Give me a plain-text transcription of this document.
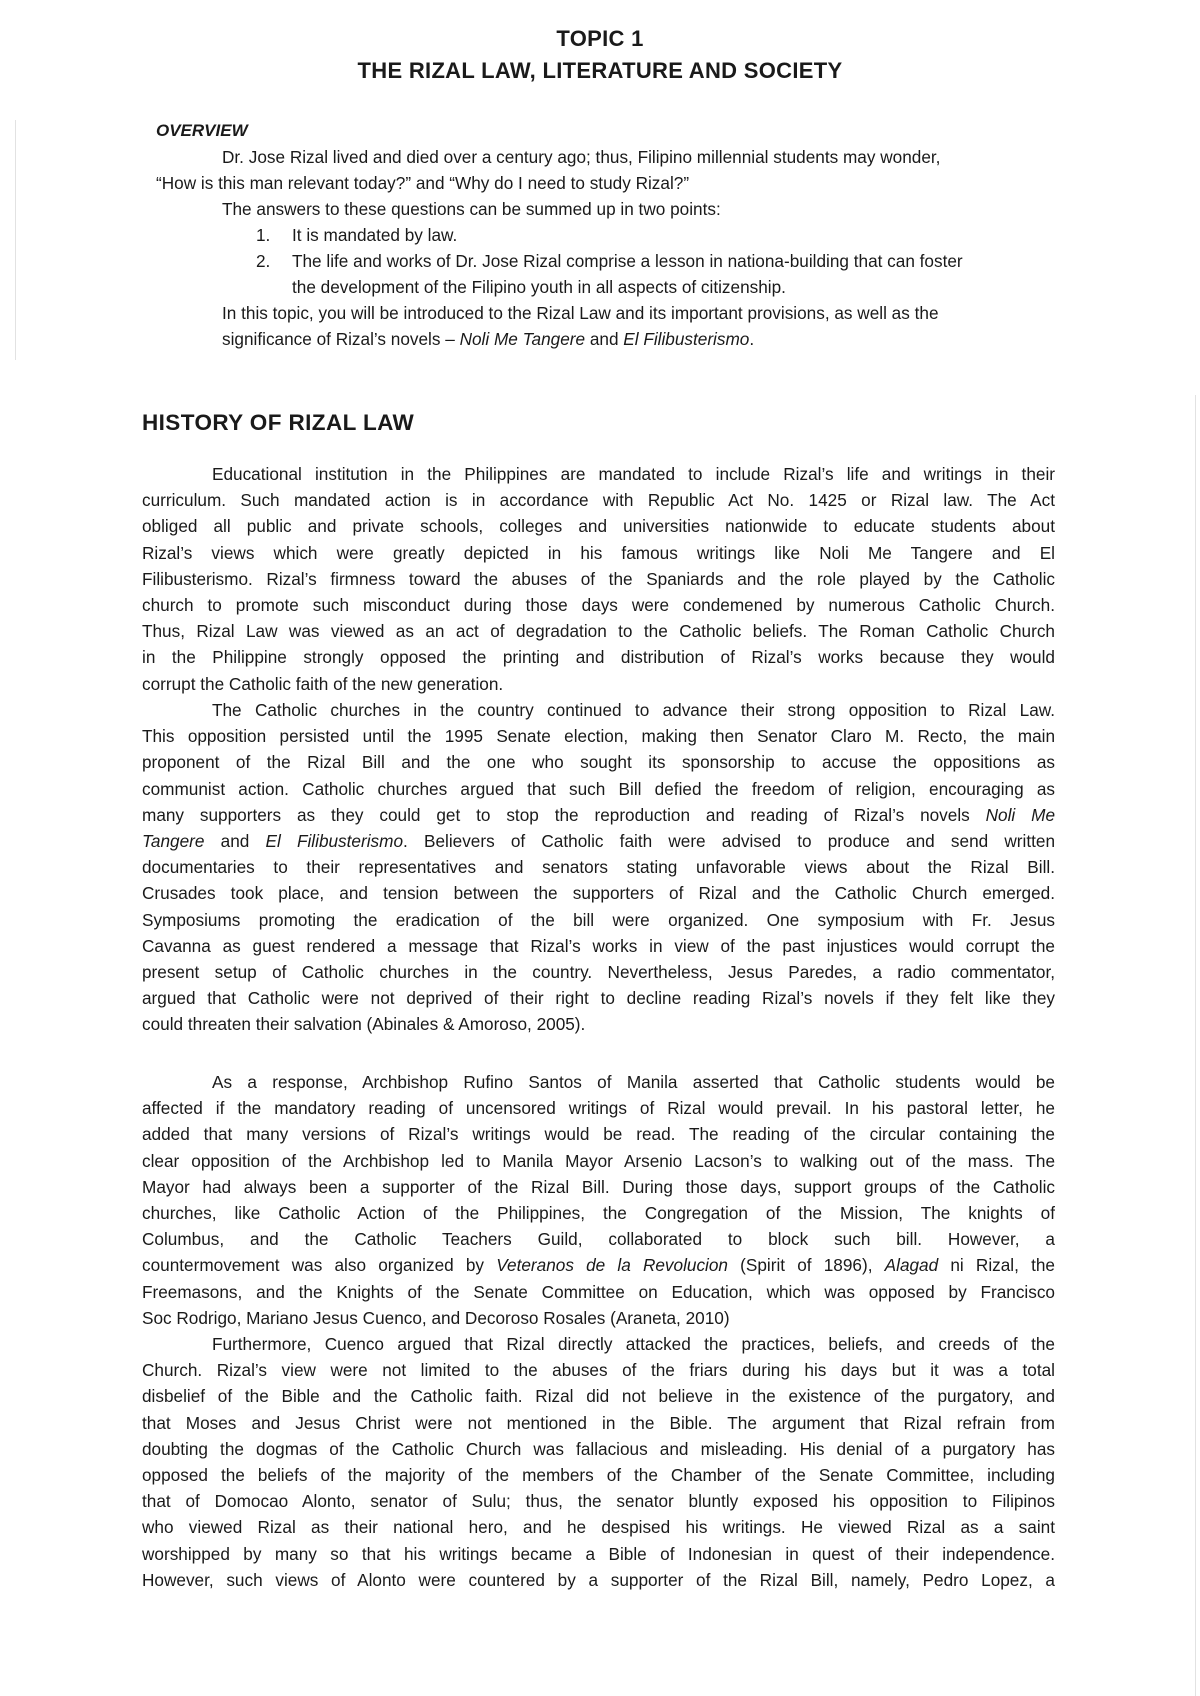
TOPIC 1
THE RIZAL LAW, LITERATURE AND SOCIETY
OVERVIEW
Dr. Jose Rizal lived and died over a century ago; thus, Filipino millennial students may wonder,
“How is this man relevant today?” and “Why do I need to study Rizal?”
The answers to these questions can be summed up in two points:
1.	It is mandated by law.
2.	The life and works of Dr. Jose Rizal comprise a lesson in nationa-building that can foster
the development of the Filipino youth in all aspects of citizenship.
In this topic, you will be introduced to the Rizal Law and its important provisions, as well as the
significance of Rizal’s novels – Noli Me Tangere and El Filibusterismo.
HISTORY OF RIZAL LAW
Educational institution in the Philippines are mandated to include Rizal’s life and writings in their
curriculum. Such mandated action is in accordance with Republic Act No. 1425 or Rizal law. The Act
obliged all public and private schools, colleges and universities nationwide to educate students about
Rizal’s views which were greatly depicted in his famous writings like Noli Me Tangere and El
Filibusterismo. Rizal’s firmness toward the abuses of the Spaniards and the role played by the Catholic
church to promote such misconduct during those days were condemened by numerous Catholic Church.
Thus, Rizal Law was viewed as an act of degradation to the Catholic beliefs. The Roman Catholic Church
in the Philippine strongly opposed the printing and distribution of Rizal’s works because they would
corrupt the Catholic faith of the new generation.
The Catholic churches in the country continued to advance their strong opposition to Rizal Law.
This opposition persisted until the 1995 Senate election, making then Senator Claro M. Recto, the main
proponent of the Rizal Bill and the one who sought its sponsorship to accuse the oppositions as
communist action. Catholic churches argued that such Bill defied the freedom of religion, encouraging as
many supporters as they could get to stop the reproduction and reading of Rizal’s novels Noli Me
Tangere and El Filibusterismo. Believers of Catholic faith were advised to produce and send written
documentaries to their representatives and senators stating unfavorable views about the Rizal Bill.
Crusades took place, and tension between the supporters of Rizal and the Catholic Church emerged.
Symposiums promoting the eradication of the bill were organized. One symposium with Fr. Jesus
Cavanna as guest rendered a message that Rizal’s works in view of the past injustices would corrupt the
present setup of Catholic churches in the country. Nevertheless, Jesus Paredes, a radio commentator,
argued that Catholic were not deprived of their right to decline reading Rizal’s novels if they felt like they
could threaten their salvation (Abinales & Amoroso, 2005).
As a response, Archbishop Rufino Santos of Manila asserted that Catholic students would be
affected if the mandatory reading of uncensored writings of Rizal would prevail. In his pastoral letter, he
added that many versions of Rizal’s writings would be read. The reading of the circular containing the
clear opposition of the Archbishop led to Manila Mayor Arsenio Lacson’s to walking out of the mass. The
Mayor had always been a supporter of the Rizal Bill. During those days, support groups of the Catholic
churches, like Catholic Action of the Philippines, the Congregation of the Mission, The knights of
Columbus, and the Catholic Teachers Guild, collaborated to block such bill. However, a
countermovement was also organized by Veteranos de la Revolucion (Spirit of 1896), Alagad ni Rizal, the
Freemasons, and the Knights of the Senate Committee on Education, which was opposed by Francisco
Soc Rodrigo, Mariano Jesus Cuenco, and Decoroso Rosales (Araneta, 2010)
Furthermore, Cuenco argued that Rizal directly attacked the practices, beliefs, and creeds of the
Church. Rizal’s view were not limited to the abuses of the friars during his days but it was a total
disbelief of the Bible and the Catholic faith. Rizal did not believe in the existence of the purgatory, and
that Moses and Jesus Christ were not mentioned in the Bible. The argument that Rizal refrain from
doubting the dogmas of the Catholic Church was fallacious and misleading. His denial of a purgatory has
opposed the beliefs of the majority of the members of the Chamber of the Senate Committee, including
that of Domocao Alonto, senator of Sulu; thus, the senator bluntly exposed his opposition to Filipinos
who viewed Rizal as their national hero, and he despised his writings. He viewed Rizal as a saint
worshipped by many so that his writings became a Bible of Indonesian in quest of their independence.
However, such views of Alonto were countered by a supporter of the Rizal Bill, namely, Pedro Lopez, a
